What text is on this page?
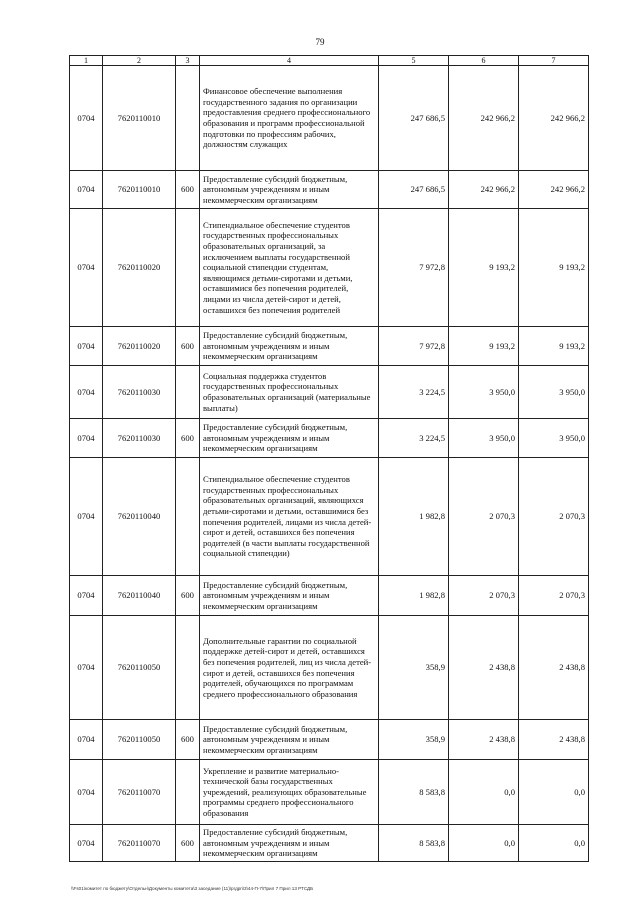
79
1	2	3	4	5	6	7
0704	7620110010		Финансовое обеспечение выполнения государственного задания по организации предоставления среднего профессионального образования и программ профессиональной подготовки по профессиям рабочих, должностям служащих	247 686,5	242 966,2	242 966,2
0704	7620110010	600	Предоставление субсидий бюджетным, автономным учреждениям и иным некоммерческим организациям	247 686,5	242 966,2	242 966,2
0704	7620110020		Стипендиальное обеспечение студентов государственных профессиональных образовательных организаций, за исключением выплаты государственной социальной стипендии студентам, являющимся детьми-сиротами и детьми, оставшимися без попечения родителей, лицами из числа детей-сирот и детей, оставшихся без попечения родителей	7 972,8	9 193,2	9 193,2
0704	7620110020	600	Предоставление субсидий бюджетным, автономным учреждениям и иным некоммерческим организациям	7 972,8	9 193,2	9 193,2
0704	7620110030		Социальная поддержка студентов государственных профессиональных образовательных организаций (материальные выплаты)	3 224,5	3 950,0	3 950,0
0704	7620110030	600	Предоставление субсидий бюджетным, автономным учреждениям и иным некоммерческим организациям	3 224,5	3 950,0	3 950,0
0704	7620110040		Стипендиальное обеспечение студентов государственных профессиональных образовательных организаций, являющихся детьми-сиротами и детьми, оставшимися без попечения родителей, лицами из числа детей-сирот и детей, оставшихся без попечения родителей (в части выплаты государственной социальной стипендии)	1 982,8	2 070,3	2 070,3
0704	7620110040	600	Предоставление субсидий бюджетным, автономным учреждениям и иным некоммерческим организациям	1 982,8	2 070,3	2 070,3
0704	7620110050		Дополнительные гарантии по социальной поддержке детей-сирот и детей, оставшихся без попечения родителей, лиц из числа детей-сирот и детей, оставшихся без попечения родителей, обучающихся по программам среднего профессионального образования	358,9	2 438,8	2 438,8
0704	7620110050	600	Предоставление субсидий бюджетным, автономным учреждениям и иным некоммерческим организациям	358,9	2 438,8	2 438,8
0704	7620110070		Укрепление и развитие материально-технической базы государственных учреждений, реализующих образовательные программы среднего профессионального образования	8 583,8	0,0	0,0
0704	7620110070	600	Предоставление субсидий бюджетным, автономным учреждениям и иным некоммерческим организациям	8 583,8	0,0	0,0
\\Fs01\комитет по бюджету\Отдельн\Документы комитета\3 заседание (11)\ргдрп\3\44-П-7\Прил 7 Прил 13 РТСДБ
